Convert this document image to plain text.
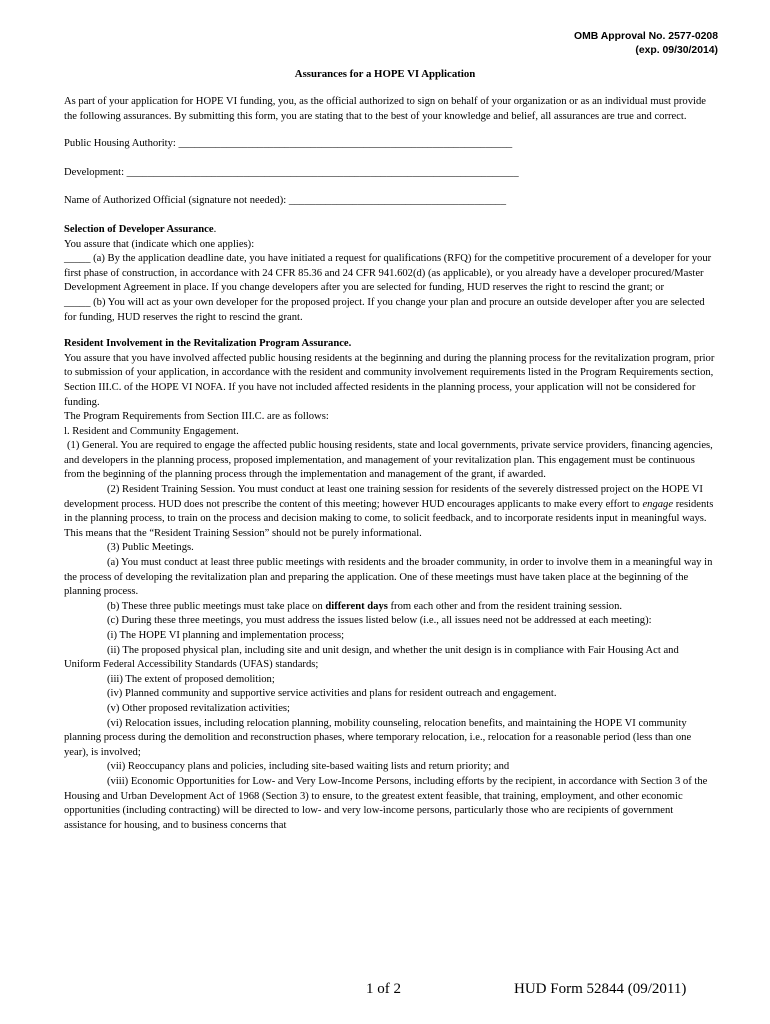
OMB Approval No. 2577-0208
(exp. 09/30/2014)
Assurances for a HOPE VI Application

As part of your application for HOPE VI funding, you, as the official authorized to sign on behalf of your organization or as an individual must provide the following assurances. By submitting this form, you are stating that to the best of your knowledge and belief, all assurances are true and correct.

Public Housing Authority: _______________________________________________________________

Development: __________________________________________________________________________

Name of Authorized Official (signature not needed): _________________________________________

Selection of Developer Assurance.

You assure that (indicate which one applies):

_____ (a) By the application deadline date, you have initiated a request for qualifications (RFQ) for the competitive procurement of a developer for your first phase of construction, in accordance with 24 CFR 85.36 and 24 CFR 941.602(d) (as applicable), or you already have a developer procured/Master Development Agreement in place. If you change developers after you are selected for funding, HUD reserves the right to rescind the grant; or

_____ (b) You will act as your own developer for the proposed project. If you change your plan and procure an outside developer after you are selected for funding, HUD reserves the right to rescind the grant.

Resident Involvement in the Revitalization Program Assurance.

You assure that you have involved affected public housing residents at the beginning and during the planning process for the revitalization program, prior to submission of your application, in accordance with the resident and community involvement requirements listed in the Program Requirements section, Section III.C. of the HOPE VI NOFA. If you have not included affected residents in the planning process, your application will not be considered for funding.

The Program Requirements from Section III.C. are as follows:

l. Resident and Community Engagement.

(1) General. You are required to engage the affected public housing residents, state and local governments, private service providers, financing agencies, and developers in the planning process, proposed implementation, and management of your revitalization plan. This engagement must be continuous from the beginning of the planning process through the implementation and management of the grant, if awarded.

(2) Resident Training Session. You must conduct at least one training session for residents of the severely distressed project on the HOPE VI development process. HUD does not prescribe the content of this meeting; however HUD encourages applicants to make every effort to engage residents in the planning process, to train on the process and decision making to come, to solicit feedback, and to incorporate residents input in meaningful ways. This means that the “Resident Training Session” should not be purely informational.

(3) Public Meetings.

(a) You must conduct at least three public meetings with residents and the broader community, in order to involve them in a meaningful way in the process of developing the revitalization plan and preparing the application. One of these meetings must have taken place at the beginning of the planning process.

(b) These three public meetings must take place on different days from each other and from the resident training session.

(c) During these three meetings, you must address the issues listed below (i.e., all issues need not be addressed at each meeting):

(i) The HOPE VI planning and implementation process;

(ii) The proposed physical plan, including site and unit design, and whether the unit design is in compliance with Fair Housing Act and Uniform Federal Accessibility Standards (UFAS) standards;

(iii) The extent of proposed demolition;

(iv) Planned community and supportive service activities and plans for resident outreach and engagement.

(v) Other proposed revitalization activities;

(vi) Relocation issues, including relocation planning, mobility counseling, relocation benefits, and maintaining the HOPE VI community planning process during the demolition and reconstruction phases, where temporary relocation, i.e., relocation for a reasonable period (less than one year), is involved;

(vii) Reoccupancy plans and policies, including site-based waiting lists and return priority; and

(viii) Economic Opportunities for Low- and Very Low-Income Persons, including efforts by the recipient, in accordance with Section 3 of the Housing and Urban Development Act of 1968 (Section 3) to ensure, to the greatest extent feasible, that training, employment, and other economic opportunities (including contracting) will be directed to low- and very low-income persons, particularly those who are recipients of government assistance for housing, and to business concerns that

1 of 2	HUD Form 52844 (09/2011)
